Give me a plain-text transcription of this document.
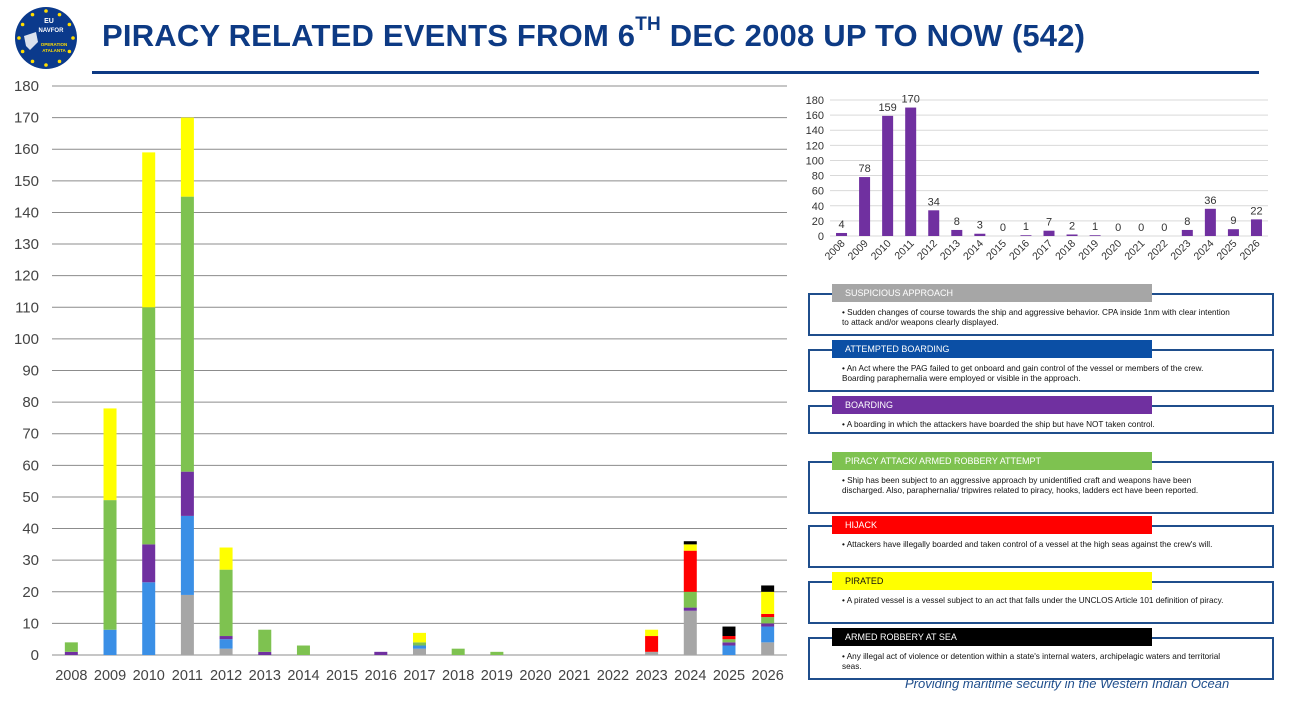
EU
NAVFOR
OPERATION
ATALANTA PIRACY RELATED EVENTS FROM 6TH DEC 2008 UP TO NOW (542)
0
10
20
30
40
50
60
70
80
90
100
110
120
130
140
150
160
170
180
2008 2009 2010 2011 2012 2013 2014 2015 2016 2017 2018 2019 2020 2021 2022 2023 2024 2025 2026
0
20
40
60
80
100
120
140
160
180
4
2008
78
2009
159
2010
170
2011
34
2012
8
2013
3
2014
0
2015
1
2016
7
2017
2
2018
1
2019
0
2020
0
2021
0
2022
8
2023
36
2024
9
2025
22
2026
SUSPICIOUS APPROACH
• Sudden changes of course towards the ship and aggressive behavior. CPA inside 1nm with clear intention to attack and/or weapons clearly displayed.
ATTEMPTED BOARDING
• An Act where the PAG failed to get onboard and gain control of the vessel or members of the crew. Boarding paraphernalia were employed or visible in the approach.
BOARDING
• A boarding in which the attackers have boarded the ship but have NOT taken control.
PIRACY ATTACK/ ARMED ROBBERY ATTEMPT
• Ship has been subject to an aggressive approach by unidentified craft and weapons have been discharged. Also, paraphernalia/ tripwires related to piracy, hooks, ladders ect have been reported.
HIJACK
• Attackers have illegally boarded and taken control of a vessel at the high seas against the crew's will.
PIRATED
• A pirated vessel is a vessel subject to an act that falls under the UNCLOS Article 101 definition of piracy.
ARMED ROBBERY AT SEA
• Any illegal act of violence or detention within a state's internal waters, archipelagic waters and territorial seas.
Providing maritime security in the Western Indian Ocean
